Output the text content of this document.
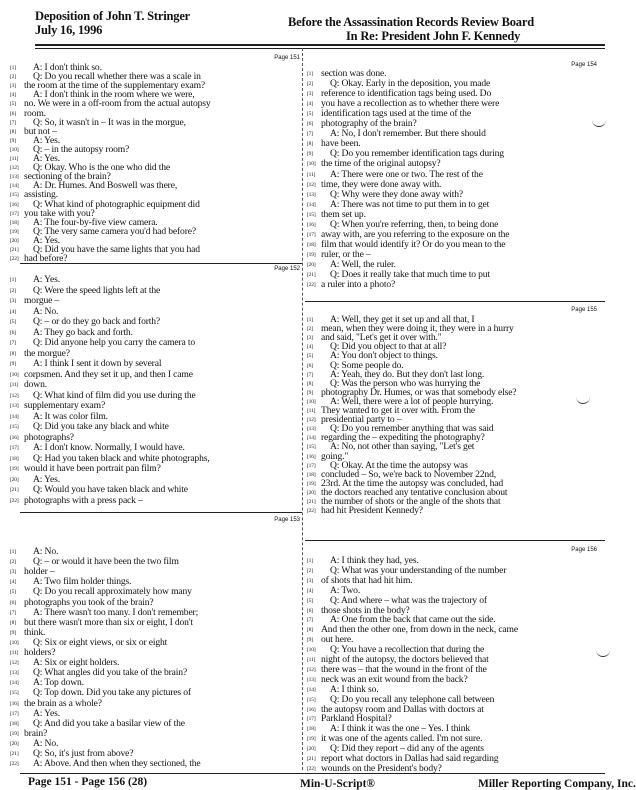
Deposition of John T. Stringer
July 16, 1996
Before the Assassination Records Review Board
In Re: President John F. Kennedy
Page 151
[1] A: I don't think so.
[2] Q: Do you recall whether there was a scale in
[3] the room at the time of the supplementary exam?
[4] A: I don't think in the room where we were,
[5] no. We were in a off-room from the actual autopsy
[6] room.
[7] Q: So, it wasn't in – It was in the morgue,
[8] but not –
[9] A: Yes.
[10] Q: – in the autopsy room?
[11] A: Yes.
[12] Q: Okay. Who is the one who did the
[13] sectioning of the brain?
[14] A: Dr. Humes. And Boswell was there,
[15] assisting.
[16] Q: What kind of photographic equipment did
[17] you take with you?
[18] A: The four-by-five view camera.
[19] Q: The very same camera you'd had before?
[20] A: Yes.
[21] Q: Did you have the same lights that you had
[22] had before?
Page 152
[1] A: Yes.
[2] Q: Were the speed lights left at the
[3] morgue –
[4] A: No.
[5] Q: – or do they go back and forth?
[6] A: They go back and forth.
[7] Q: Did anyone help you carry the camera to
[8] the morgue?
[9] A: I think I sent it down by several
[10] corpsmen. And they set it up, and then I came
[11] down.
[12] Q: What kind of film did you use during the
[13] supplementary exam?
[14] A: It was color film.
[15] Q: Did you take any black and white
[16] photographs?
[17] A: I don't know. Normally, I would have.
[18] Q: Had you taken black and white photographs,
[19] would it have been portrait pan film?
[20] A: Yes.
[21] Q: Would you have taken black and white
[22] photographs with a press pack –
Page 153
[1] A: No.
[2] Q: – or would it have been the two film
[3] holder –
[4] A: Two film holder things.
[5] Q: Do you recall approximately how many
[6] photographs you took of the brain?
[7] A: There wasn't too many. I don't remember;
[8] but there wasn't more than six or eight, I don't
[9] think.
[10] Q: Six or eight views, or six or eight
[11] holders?
[12] A: Six or eight holders.
[13] Q: What angles did you take of the brain?
[14] A: Top down.
[15] Q: Top down. Did you take any pictures of
[16] the brain as a whole?
[17] A: Yes.
[18] Q: And did you take a basilar view of the
[19] brain?
[20] A: No.
[21] Q: So, it's just from above?
[22] A: Above. And then when they sectioned, the
Page 154
[1] section was done.
[2] Q: Okay. Early in the deposition, you made
[3] reference to identification tags being used. Do
[4] you have a recollection as to whether there were
[5] identification tags used at the time of the
[6] photography of the brain?
[7] A: No, I don't remember. But there should
[8] have been.
[9] Q: Do you remember identification tags during
[10] the time of the original autopsy?
[11] A: There were one or two. The rest of the
[12] time, they were done away with.
[13] Q: Why were they done away with?
[14] A: There was not time to put them in to get
[15] them set up.
[16] Q: When you're referring, then, to being done
[17] away with, are you referring to the exposure on the
[18] film that would identify it? Or do you mean to the
[19] ruler, or the –
[20] A: Well, the ruler.
[21] Q: Does it really take that much time to put
[22] a ruler into a photo?
Page 155
[1] A: Well, they get it set up and all that, I
[2] mean, when they were doing it, they were in a hurry
[3] and said, "Let's get it over with."
[4] Q: Did you object to that at all?
[5] A: You don't object to things.
[6] Q: Some people do.
[7] A: Yeah, they do. But they don't last long.
[8] Q: Was the person who was hurrying the
[9] photography Dr. Humes, or was that somebody else?
[10] A: Well, there were a lot of people hurrying.
[11] They wanted to get it over with. From the
[12] presidential party to –
[13] Q: Do you remember anything that was said
[14] regarding the – expediting the photography?
[15] A: No, not other than saying, "Let's get
[16] going."
[17] Q: Okay. At the time the autopsy was
[18] concluded – So, we're back to November 22nd,
[19] 23rd. At the time the autopsy was concluded, had
[20] the doctors reached any tentative conclusion about
[21] the number of shots or the angle of the shots that
[22] had hit President Kennedy?
Page 156
[1] A: I think they had, yes.
[2] Q: What was your understanding of the number
[3] of shots that had hit him.
[4] A: Two.
[5] Q: And where – what was the trajectory of
[6] those shots in the body?
[7] A: One from the back that came out the side.
[8] And then the other one, from down in the neck, came
[9] out here.
[10] Q: You have a recollection that during the
[11] night of the autopsy, the doctors believed that
[12] there was – that the wound in the front of the
[13] neck was an exit wound from the back?
[14] A: I think so.
[15] Q: Do you recall any telephone call between
[16] the autopsy room and Dallas with doctors at
[17] Parkland Hospital?
[18] A: I think it was the one – Yes. I think
[19] it was one of the agents called. I'm not sure.
[20] Q: Did they report – did any of the agents
[21] report what doctors in Dallas had said regarding
[22] wounds on the President's body?
Page 151 - Page 156 (28)	Min-U-Script®	Miller Reporting Company, Inc.
